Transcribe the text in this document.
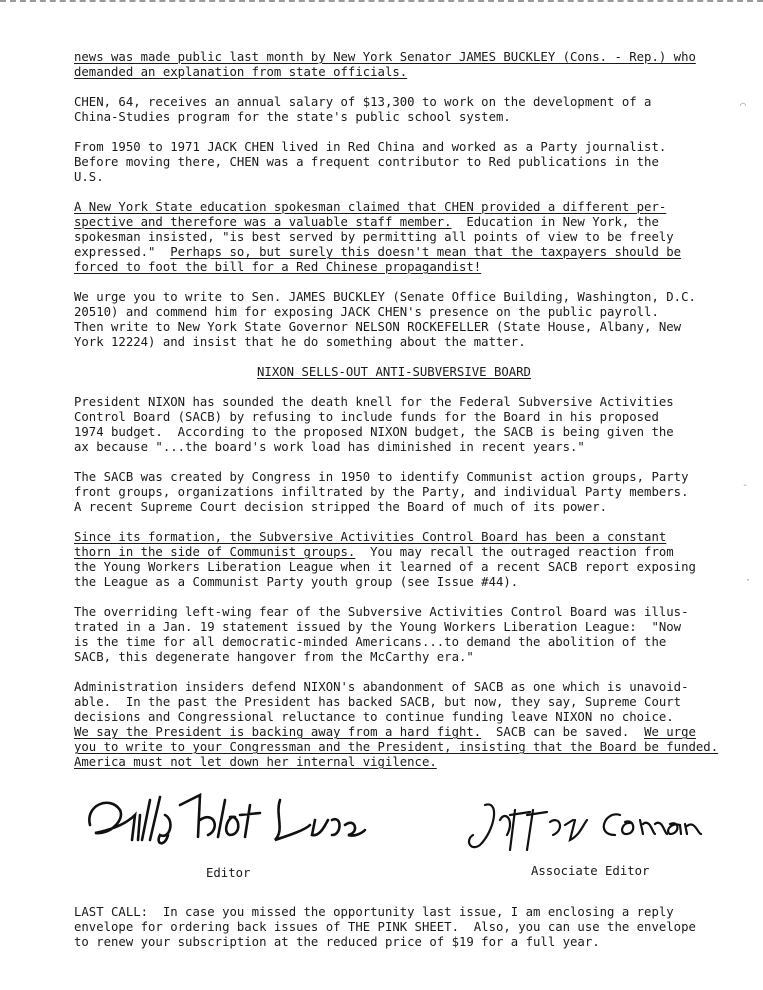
news was made public last month by New York Senator JAMES BUCKLEY (Cons. - Rep.) who
demanded an explanation from state officials.
CHEN, 64, receives an annual salary of $13,300 to work on the development of a
China-Studies program for the state's public school system.
From 1950 to 1971 JACK CHEN lived in Red China and worked as a Party journalist.
Before moving there, CHEN was a frequent contributor to Red publications in the
U.S.
A New York State education spokesman claimed that CHEN provided a different per-
spective and therefore was a valuable staff member.  Education in New York, the
spokesman insisted, "is best served by permitting all points of view to be freely
expressed." Perhaps so, but surely this doesn't mean that the taxpayers should be
forced to foot the bill for a Red Chinese propagandist!
We urge you to write to Sen. JAMES BUCKLEY (Senate Office Building, Washington, D.C.
20510) and commend him for exposing JACK CHEN's presence on the public payroll.
Then write to New York State Governor NELSON ROCKEFELLER (State House, Albany, New
York 12224) and insist that he do something about the matter.
NIXON SELLS-OUT ANTI-SUBVERSIVE BOARD
President NIXON has sounded the death knell for the Federal Subversive Activities
Control Board (SACB) by refusing to include funds for the Board in his proposed
1974 budget.  According to the proposed NIXON budget, the SACB is being given the
ax because "...the board's work load has diminished in recent years."
The SACB was created by Congress in 1950 to identify Communist action groups, Party
front groups, organizations infiltrated by the Party, and individual Party members.
A recent Supreme Court decision stripped the Board of much of its power.
Since its formation, the Subversive Activities Control Board has been a constant
thorn in the side of Communist groups.  You may recall the outraged reaction from
the Young Workers Liberation League when it learned of a recent SACB report exposing
the League as a Communist Party youth group (see Issue #44).
The overriding left-wing fear of the Subversive Activities Control Board was illus-
trated in a Jan. 19 statement issued by the Young Workers Liberation League:  "Now
is the time for all democratic-minded Americans...to demand the abolition of the
SACB, this degenerate hangover from the McCarthy era."
Administration insiders defend NIXON's abandonment of SACB as one which is unavoid-
able.  In the past the President has backed SACB, but now, they say, Supreme Court
decisions and Congressional reluctance to continue funding leave NIXON no choice.
We say the President is backing away from a hard fight.  SACB can be saved.  We urge
you to write to your Congressman and the President, insisting that the Board be funded.
America must not let down her internal vigilence.
Editor	Associate Editor
LAST CALL:  In case you missed the opportunity last issue, I am enclosing a reply
envelope for ordering back issues of THE PINK SHEET.  Also, you can use the envelope
to renew your subscription at the reduced price of $19 for a full year.
⌒
-
·
